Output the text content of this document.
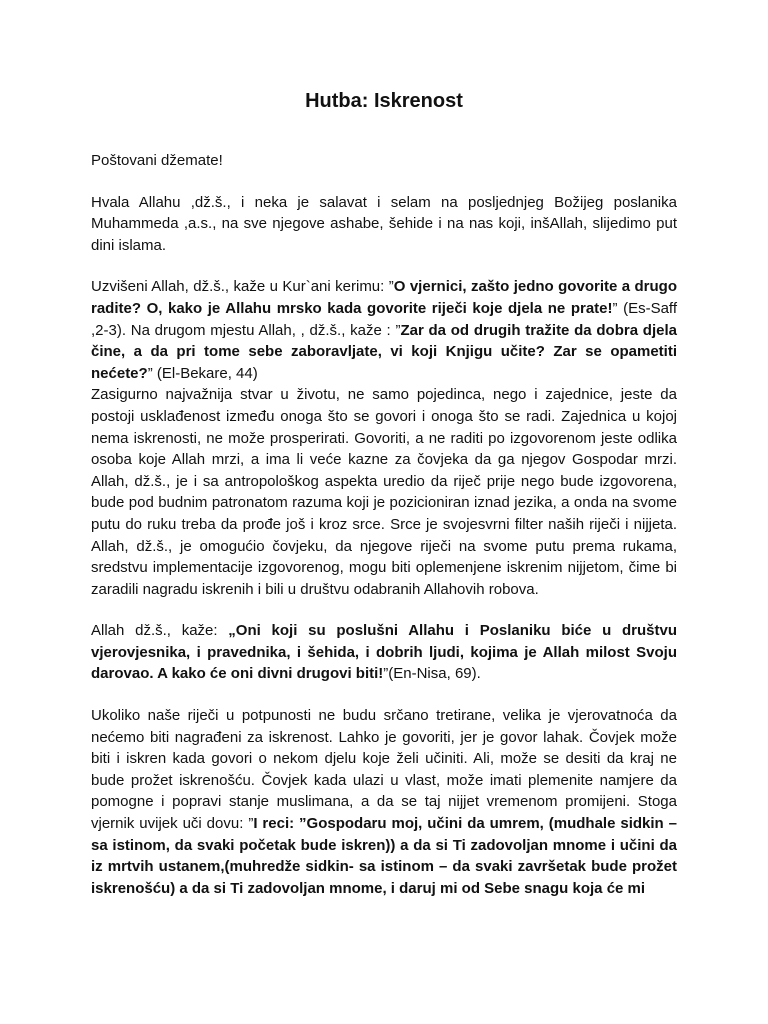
Hutba: Iskrenost

Poštovani džemate!

Hvala Allahu ,dž.š., i neka je salavat i selam na posljednjeg Božijeg poslanika Muhammeda ,a.s., na sve njegove ashabe, šehide i na nas koji, inšAllah, slijedimo put dini islama.

Uzvišeni Allah, dž.š., kaže u Kur`ani kerimu: ”O vjernici, zašto jedno govorite a drugo radite? O, kako je Allahu mrsko kada govorite riječi koje djela ne prate!” (Es-Saff ,2-3). Na drugom mjestu Allah, , dž.š., kaže : ”Zar da od drugih tražite da dobra djela čine, a da pri tome sebe zaboravljate, vi koji Knjigu učite? Zar se opametiti nećete?” (El-Bekare, 44)

Zasigurno najvažnija stvar u životu, ne samo pojedinca, nego i zajednice, jeste da postoji usklađenost između onoga što se govori i onoga što se radi. Zajednica u kojoj nema iskrenosti, ne može prosperirati. Govoriti, a ne raditi po izgovorenom jeste odlika osoba koje Allah mrzi, a ima li veće kazne za čovjeka da ga njegov Gospodar mrzi. Allah, dž.š., je i sa antropološkog aspekta uredio da riječ prije nego bude izgovorena, bude pod budnim patronatom razuma koji je pozicioniran iznad jezika, a onda na svome putu do ruku treba da prođe još i kroz srce. Srce je svojesvrni filter naših riječi i nijjeta. Allah, dž.š., je omogućio čovjeku, da njegove riječi na svome putu prema rukama, sredstvu implementacije izgovorenog, mogu biti oplemenjene iskrenim nijjetom, čime bi zaradili nagradu iskrenih i bili u društvu odabranih Allahovih robova.

Allah dž.š., kaže: „Oni koji su poslušni Allahu i Poslaniku biće u društvu vjerovjesnika, i pravednika, i šehida, i dobrih ljudi, kojima je Allah milost Svoju darovao. A kako će oni divni drugovi biti!”(En-Nisa, 69).

Ukoliko naše riječi u potpunosti ne budu srčano tretirane, velika je vjerovatnoća da nećemo biti nagrađeni za iskrenost. Lahko je govoriti, jer je govor lahak. Čovjek može biti i iskren kada govori o nekom djelu koje želi učiniti. Ali, može se desiti da kraj ne bude prožet iskrenošću. Čovjek kada ulazi u vlast, može imati plemenite namjere da pomogne i popravi stanje muslimana, a da se taj nijjet vremenom promijeni. Stoga vjernik uvijek uči dovu: ”I reci: ”Gospodaru moj, učini da umrem, (mudhale sidkin – sa istinom, da svaki početak bude iskren)) a da si Ti zadovoljan mnome i učini da iz mrtvih ustanem,(muhredže sidkin- sa istinom – da svaki završetak bude prožet iskrenošću) a da si Ti zadovoljan mnome, i daruj mi od Sebe snagu koja će mi
